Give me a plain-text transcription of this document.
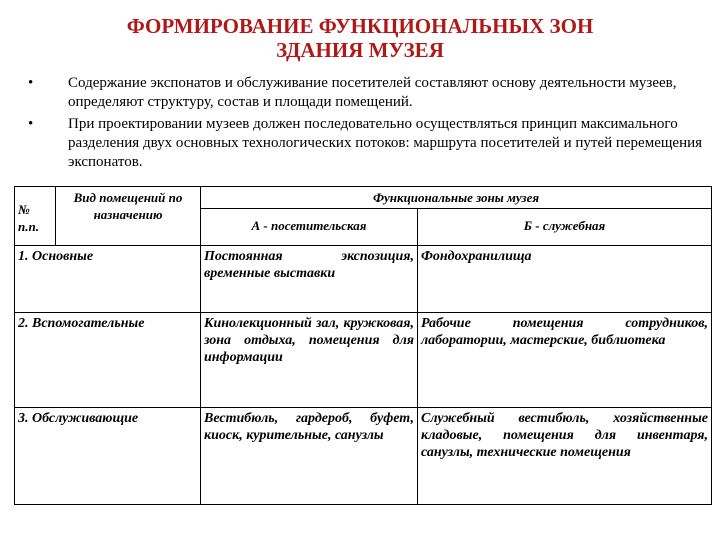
ФОРМИРОВАНИЕ ФУНКЦИОНАЛЬНЫХ ЗОН
ЗДАНИЯ МУЗЕЯ
• Содержание экспонатов и обслуживание посетителей составляют основу деятельности музеев, определяют структуру, состав и площади помещений.
• При проектировании музеев должен последовательно осуществляться принцип максимального разделения двух основных технологических потоков: маршрута посетителей и путей перемещения экспонатов.
№ п.п.	Вид помещений по назначению	Функциональные зоны музея	
		А - посетительская	Б - служебная
1. Основные		Постоянная экспозиция, временные выставки	Фондохранилища
2. Вспомогательные		Кинолекционный зал, кружковая, зона отдыха, помещения для информации	Рабочие помещения сотрудников, лаборатории, мастерские, библиотека
3. Обслуживающие		Вестибюль, гардероб, буфет, киоск, курительные, санузлы	Служебный вестибюль, хозяйственные кладовые, помещения для инвентаря, санузлы, технические помещения
